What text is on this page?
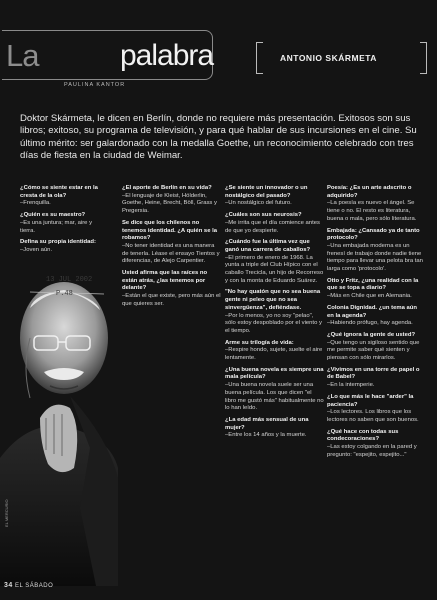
La	palabra
PAULINA KANTOR
ANTONIO SKÁRMETA
Doktor Skármeta, le dicen en Berlín, donde no requiere más presentación. Exitosos son sus libros; exitoso, su programa de televisión, y para qué hablar de sus incursiones en el cine. Su último mérito: ser galardonado con la medalla Goethe, un reconocimiento celebrado con tres días de fiesta en la ciudad de Weimar.
13 JUL 2002
P.48
EL MERCURIO

¿Cómo se siente estar en la cresta de la ola?
–Frenquilla.

¿Quién es su maestro?
–Es una juntura; mar, aire y tierra.

Defina su propia identidad:
–Joven aún.

¿El aporte de Berlín en su vida?
–El lenguaje de Kleist, Hölderlin, Goethe, Heine, Brecht, Böll, Grass y Pregersia.

Se dice que los chilenos no tenemos identidad. ¿A quién se la robamos?
–No tener identidad es una manera de tenerla. Léase el ensayo Tientos y diferencias, de Alejo Carpentier.

Usted afirma que las raíces no están atrás, ¿las tenemos por delante?
–Están el que existe, pero más aún el que quieres ser.

¿Se siente un innovador o un nostálgico del pasado?
–Un nostálgico del futuro.

¿Cuáles son sus neurosis?
–Me irrita que el día comience antes de que yo despierte.

¿Cuándo fue la última vez que ganó una carrera de caballos?
–El primero de enero de 1968. La yunta a triple del Club Hípico con el caballo Trecicla, un hijo de Recorreso y con la monta de Eduardo Suárez.

"No hay quatón que no sea buena gente ni peleo que no sea sinvergüenza", defiéndase.
–Por lo menos, yo no soy "pelao", sólo estoy despoblado por el viento y el tiempo.

Arme su trilogía de vida:
–Respire hondo, sujete, suelte el aire lentamente.

¿Una buena novela es siempre una mala película?
–Una buena novela suele ser una buena película. Los que dicen "el libro me gustó más" habitualmente no lo han leído.

¿La edad más sensual de una mujer?
–Entre los 14 años y la muerte.

Poesía: ¿Es un arte adscrito o adquirido?
–La poesía es nuevo el ángel. Se tiene o no. El resto es literatura, buena o mala, pero sólo literatura.

Embajada: ¿Cansado ya de tanto protocolo?
–Una embajada moderna es un frenesí de trabajo donde nadie tiene tiempo para llevar una pelota bra tan larga como 'protocolo'.

Otto y Fritz, ¿una realidad con la que se topa a diario?
–Más en Chile que en Alemania.

Colonia Dignidad. ¿un tema aún en la agenda?
–Habiendo prófugo, hay agenda.

¿Qué ignora la gente de usted?
–Que tengo un sigiloso sentido que me permite saber qué sienten y piensan con sólo mirarlos.

¿Vivimos en una torre de papel o de Babel?
–En la intemperie.

¿Lo que más le hace "arder" la paciencia?
–Los lectores. Los libros que los lectores no saben que son buenos.

¿Qué hace con todas sus condecoraciones?
–Las estoy colgando en la pared y pregunto: "espejito, espejito..."

34 EL SÁBADO
